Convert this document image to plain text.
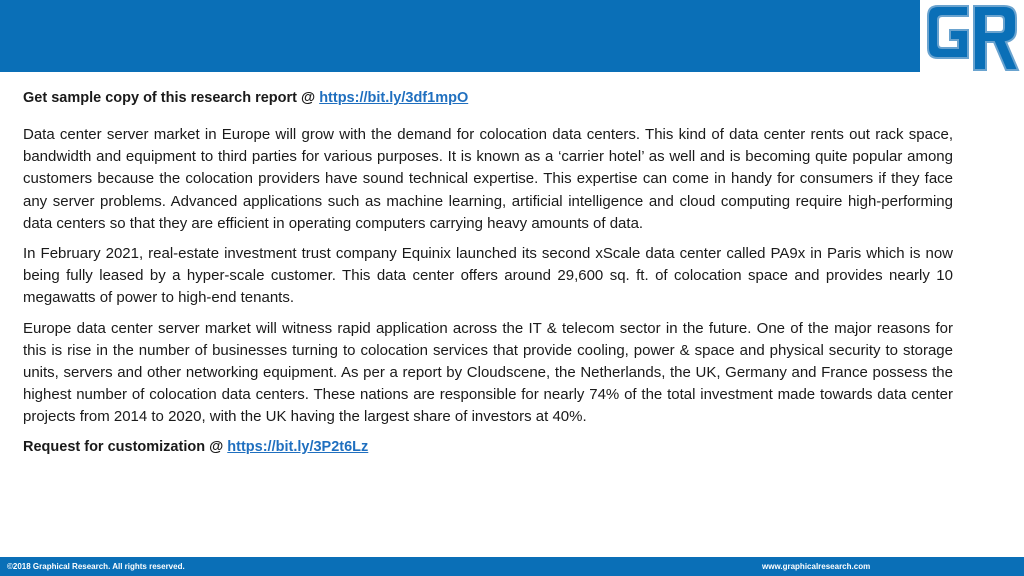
Get sample copy of this research report @ https://bit.ly/3df1mpO

Data center server market in Europe will grow with the demand for colocation data centers. This kind of data center rents out rack space, bandwidth and equipment to third parties for various purposes. It is known as a ‘carrier hotel’ as well and is becoming quite popular among customers because the colocation providers have sound technical expertise. This expertise can come in handy for consumers if they face any server problems. Advanced applications such as machine learning, artificial intelligence and cloud computing require high-performing data centers so that they are efficient in operating computers carrying heavy amounts of data.

In February 2021, real-estate investment trust company Equinix launched its second xScale data center called PA9x in Paris which is now being fully leased by a hyper-scale customer. This data center offers around 29,600 sq. ft. of colocation space and provides nearly 10 megawatts of power to high-end tenants.

Europe data center server market will witness rapid application across the IT & telecom sector in the future. One of the major reasons for this is rise in the number of businesses turning to colocation services that provide cooling, power & space and physical security to storage units, servers and other networking equipment. As per a report by Cloudscene, the Netherlands, the UK, Germany and France possess the highest number of colocation data centers. These nations are responsible for nearly 74% of the total investment made towards data center projects from 2014 to 2020, with the UK having the largest share of investors at 40%.

Request for customization @ https://bit.ly/3P2t6Lz

©2018 Graphical Research. All rights reserved.	www.graphicalresearch.com
